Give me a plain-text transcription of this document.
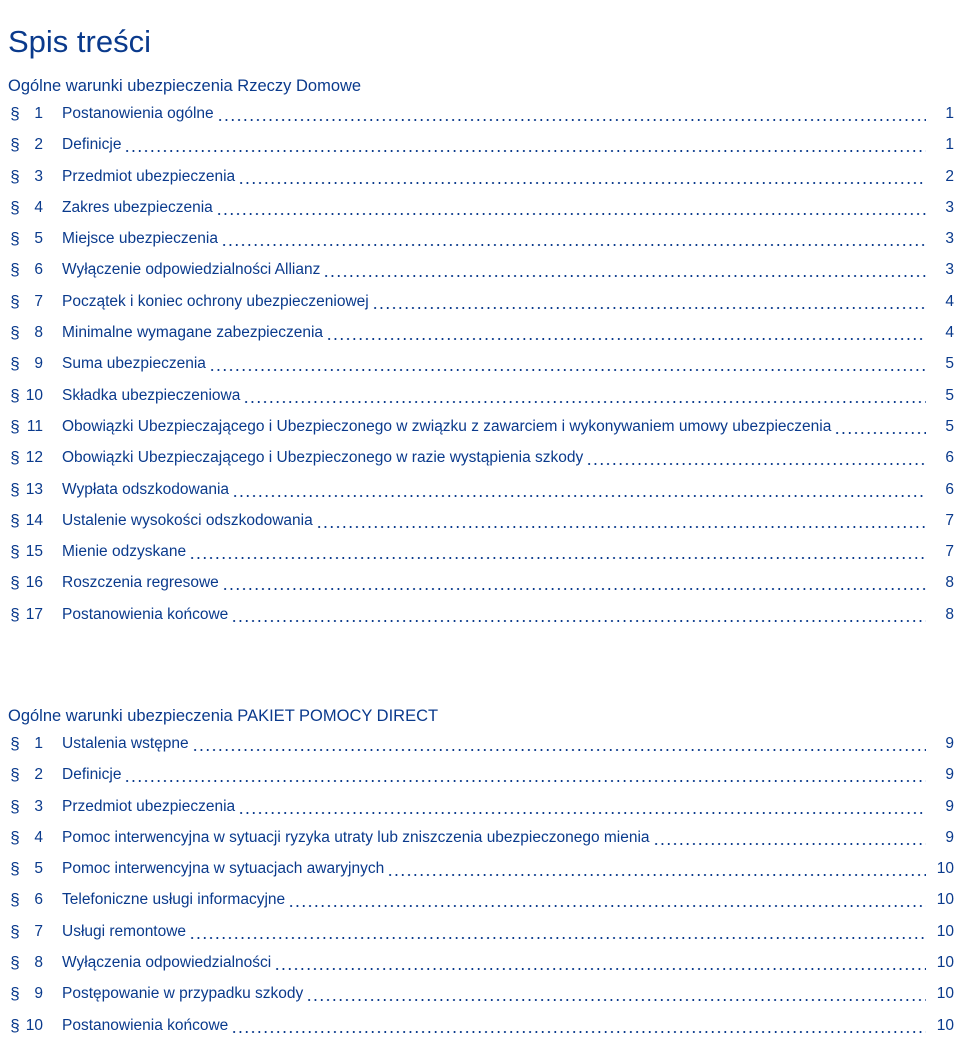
Spis treści
Ogólne warunki ubezpieczenia Rzeczy Domowe
§ 1 Postanowienia ogólne	1
§ 2 Definicje	1
§ 3 Przedmiot ubezpieczenia	2
§ 4 Zakres ubezpieczenia	3
§ 5 Miejsce ubezpieczenia	3
§ 6 Wyłączenie odpowiedzialności Allianz	3
§ 7 Początek i koniec ochrony ubezpieczeniowej	4
§ 8 Minimalne wymagane zabezpieczenia	4
§ 9 Suma ubezpieczenia	5
§ 10 Składka ubezpieczeniowa	5
§ 11 Obowiązki Ubezpieczającego i Ubezpieczonego w związku z zawarciem i wykonywaniem umowy ubezpieczenia	5
§ 12 Obowiązki Ubezpieczającego i Ubezpieczonego w razie wystąpienia szkody	6
§ 13 Wypłata odszkodowania	6
§ 14 Ustalenie wysokości odszkodowania	7
§ 15 Mienie odzyskane	7
§ 16 Roszczenia regresowe	8
§ 17 Postanowienia końcowe	8
Ogólne warunki ubezpieczenia PAKIET POMOCY DIRECT
§ 1 Ustalenia wstępne	9
§ 2 Definicje	9
§ 3 Przedmiot ubezpieczenia	9
§ 4 Pomoc interwencyjna w sytuacji ryzyka utraty lub zniszczenia ubezpieczonego mienia	9
§ 5 Pomoc interwencyjna w sytuacjach awaryjnych	10
§ 6 Telefoniczne usługi informacyjne	10
§ 7 Usługi remontowe	10
§ 8 Wyłączenia odpowiedzialności	10
§ 9 Postępowanie w przypadku szkody	10
§ 10 Postanowienia końcowe	10
